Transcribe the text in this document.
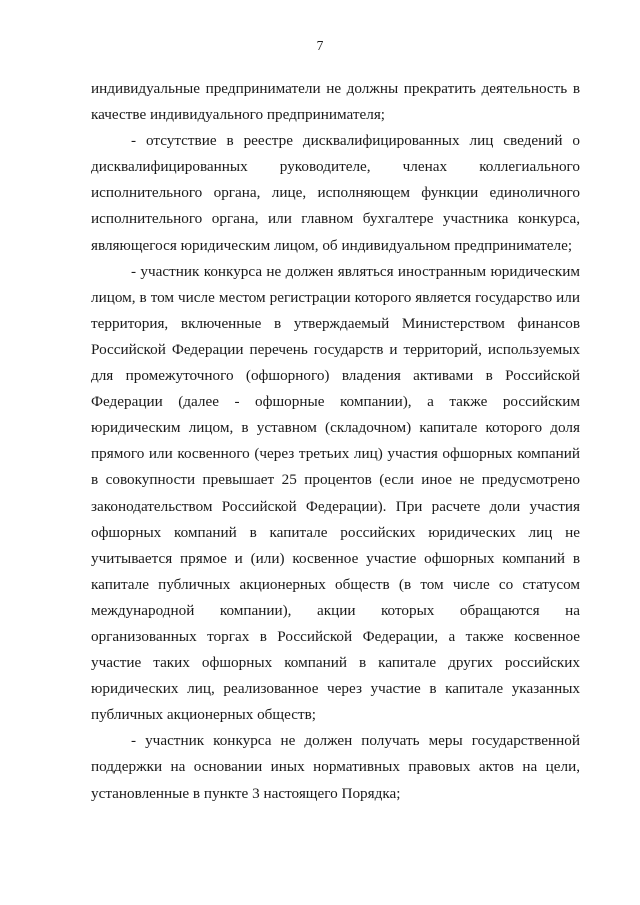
7

индивидуальные предприниматели не должны прекратить деятельность в качестве индивидуального предпринимателя;

- отсутствие в реестре дисквалифицированных лиц сведений о дисквалифицированных руководителе, членах коллегиального исполнительного органа, лице, исполняющем функции единоличного исполнительного органа, или главном бухгалтере участника конкурса, являющегося юридическим лицом, об индивидуальном предпринимателе;

- участник конкурса не должен являться иностранным юридическим лицом, в том числе местом регистрации которого является государство или территория, включенные в утверждаемый Министерством финансов Российской Федерации перечень государств и территорий, используемых для промежуточного (офшорного) владения активами в Российской Федерации (далее - офшорные компании), а также российским юридическим лицом, в уставном (складочном) капитале которого доля прямого или косвенного (через третьих лиц) участия офшорных компаний в совокупности превышает 25 процентов (если иное не предусмотрено законодательством Российской Федерации). При расчете доли участия офшорных компаний в капитале российских юридических лиц не учитывается прямое и (или) косвенное участие офшорных компаний в капитале публичных акционерных обществ (в том числе со статусом международной компании), акции которых обращаются на организованных торгах в Российской Федерации, а также косвенное участие таких офшорных компаний в капитале других российских юридических лиц, реализованное через участие в капитале указанных публичных акционерных обществ;

- участник конкурса не должен получать меры государственной поддержки на основании иных нормативных правовых актов на цели, установленные в пункте 3 настоящего Порядка;
